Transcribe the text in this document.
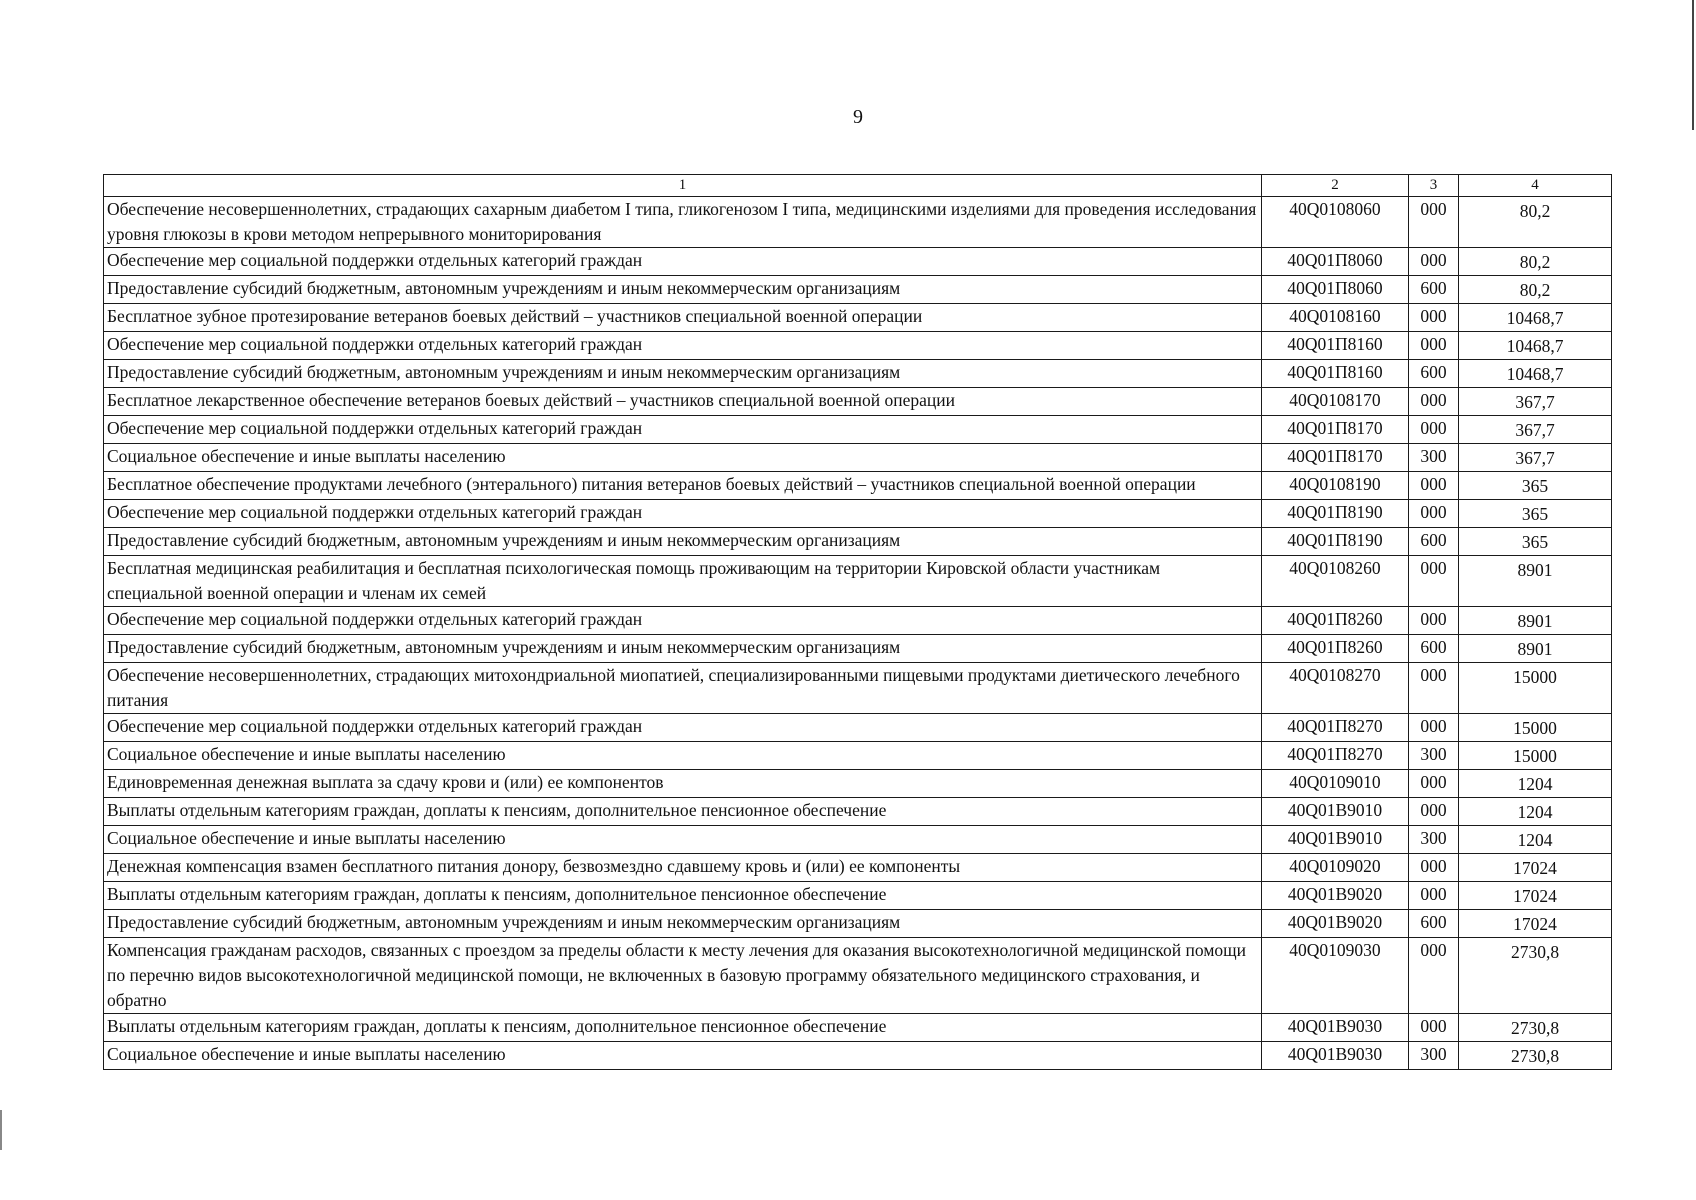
9
1	2	3	4
Обеспечение несовершеннолетних, страдающих сахарным диабетом I типа, гликогенозом I типа, медицинскими изделиями для проведения исследования уровня глюкозы в крови методом непрерывного мониторирования	40Q0108060	000	80,2
Обеспечение мер социальной поддержки отдельных категорий граждан	40Q01П8060	000	80,2
Предоставление субсидий бюджетным, автономным учреждениям и иным некоммерческим организациям	40Q01П8060	600	80,2
Бесплатное зубное протезирование ветеранов боевых действий – участников специальной военной операции	40Q0108160	000	10468,7
Обеспечение мер социальной поддержки отдельных категорий граждан	40Q01П8160	000	10468,7
Предоставление субсидий бюджетным, автономным учреждениям и иным некоммерческим организациям	40Q01П8160	600	10468,7
Бесплатное лекарственное обеспечение ветеранов боевых действий – участников специальной военной операции	40Q0108170	000	367,7
Обеспечение мер социальной поддержки отдельных категорий граждан	40Q01П8170	000	367,7
Социальное обеспечение и иные выплаты населению	40Q01П8170	300	367,7
Бесплатное обеспечение продуктами лечебного (энтерального) питания ветеранов боевых действий – участников специальной военной операции	40Q0108190	000	365
Обеспечение мер социальной поддержки отдельных категорий граждан	40Q01П8190	000	365
Предоставление субсидий бюджетным, автономным учреждениям и иным некоммерческим организациям	40Q01П8190	600	365
Бесплатная медицинская реабилитация и бесплатная психологическая помощь проживающим на территории Кировской области участникам специальной военной операции и членам их семей	40Q0108260	000	8901
Обеспечение мер социальной поддержки отдельных категорий граждан	40Q01П8260	000	8901
Предоставление субсидий бюджетным, автономным учреждениям и иным некоммерческим организациям	40Q01П8260	600	8901
Обеспечение несовершеннолетних, страдающих митохондриальной миопатией, специализированными пищевыми продуктами диетического лечебного питания	40Q0108270	000	15000
Обеспечение мер социальной поддержки отдельных категорий граждан	40Q01П8270	000	15000
Социальное обеспечение и иные выплаты населению	40Q01П8270	300	15000
Единовременная денежная выплата за сдачу крови и (или) ее компонентов	40Q0109010	000	1204
Выплаты отдельным категориям граждан, доплаты к пенсиям, дополнительное пенсионное обеспечение	40Q01В9010	000	1204
Социальное обеспечение и иные выплаты населению	40Q01В9010	300	1204
Денежная компенсация взамен бесплатного питания донору, безвозмездно сдавшему кровь и (или) ее компоненты	40Q0109020	000	17024
Выплаты отдельным категориям граждан, доплаты к пенсиям, дополнительное пенсионное обеспечение	40Q01В9020	000	17024
Предоставление субсидий бюджетным, автономным учреждениям и иным некоммерческим организациям	40Q01В9020	600	17024
Компенсация гражданам расходов, связанных с проездом за пределы области к месту лечения для оказания высокотехнологичной медицинской помощи по перечню видов высокотехнологичной медицинской помощи, не включенных в базовую программу обязательного медицинского страхования, и обратно	40Q0109030	000	2730,8
Выплаты отдельным категориям граждан, доплаты к пенсиям, дополнительное пенсионное обеспечение	40Q01В9030	000	2730,8
Социальное обеспечение и иные выплаты населению	40Q01В9030	300	2730,8
